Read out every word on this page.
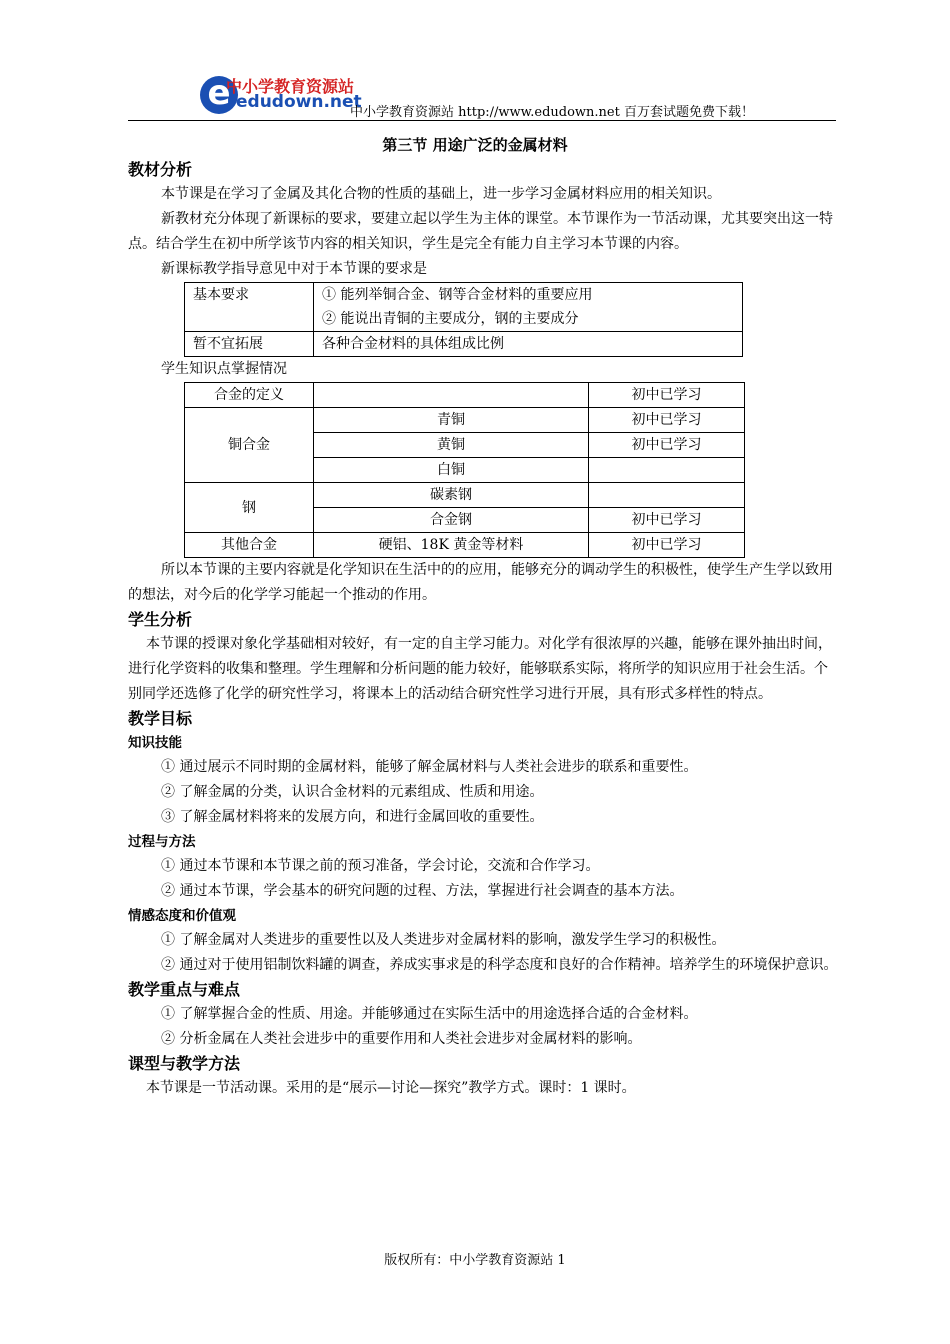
e
中小学教育资源站
edudown.net
中小学教育资源站 http://www.edudown.net 百万套试题免费下载！
第三节 用途广泛的金属材料
教材分析

本节课是在学习了金属及其化合物的性质的基础上，进一步学习金属材料应用的相关知识。

新教材充分体现了新课标的要求，要建立起以学生为主体的课堂。本节课作为一节活动课，尤其要突出这一特点。结合学生在初中所学该节内容的相关知识，学生是完全有能力自主学习本节课的内容。

新课标教学指导意见中对于本节课的要求是

基本要求	① 能列举铜合金、钢等合金材料的重要应用
	② 能说出青铜的主要成分，钢的主要成分
暂不宜拓展	各种合金材料的具体组成比例

学生知识点掌握情况

合金的定义		初中已学习
铜合金	青铜	初中已学习
	黄铜	初中已学习
	白铜	
钢	碳素钢	
	合金钢	初中已学习
其他合金	硬铝、18K 黄金等材料	初中已学习

所以本节课的主要内容就是化学知识在生活中的的应用，能够充分的调动学生的积极性，使学生产生学以致用的想法，对今后的化学学习能起一个推动的作用。

学生分析

本节课的授课对象化学基础相对较好，有一定的自主学习能力。对化学有很浓厚的兴趣，能够在课外抽出时间，进行化学资料的收集和整理。学生理解和分析问题的能力较好，能够联系实际，将所学的知识应用于社会生活。个别同学还选修了化学的研究性学习，将课本上的活动结合研究性学习进行开展，具有形式多样性的特点。

教学目标
知识技能

① 通过展示不同时期的金属材料，能够了解金属材料与人类社会进步的联系和重要性。

② 了解金属的分类，认识合金材料的元素组成、性质和用途。

③ 了解金属材料将来的发展方向，和进行金属回收的重要性。

过程与方法

① 通过本节课和本节课之前的预习准备，学会讨论，交流和合作学习。

② 通过本节课，学会基本的研究问题的过程、方法，掌握进行社会调查的基本方法。

情感态度和价值观

① 了解金属对人类进步的重要性以及人类进步对金属材料的影响，激发学生学习的积极性。

② 通过对于使用铝制饮料罐的调查，养成实事求是的科学态度和良好的合作精神。培养学生的环境保护意识。

教学重点与难点

① 了解掌握合金的性质、用途。并能够通过在实际生活中的用途选择合适的合金材料。

② 分析金属在人类社会进步中的重要作用和人类社会进步对金属材料的影响。

课型与教学方法

本节课是一节活动课。采用的是“展示—讨论—探究”教学方式。课时：1 课时。

版权所有：中小学教育资源站 1
